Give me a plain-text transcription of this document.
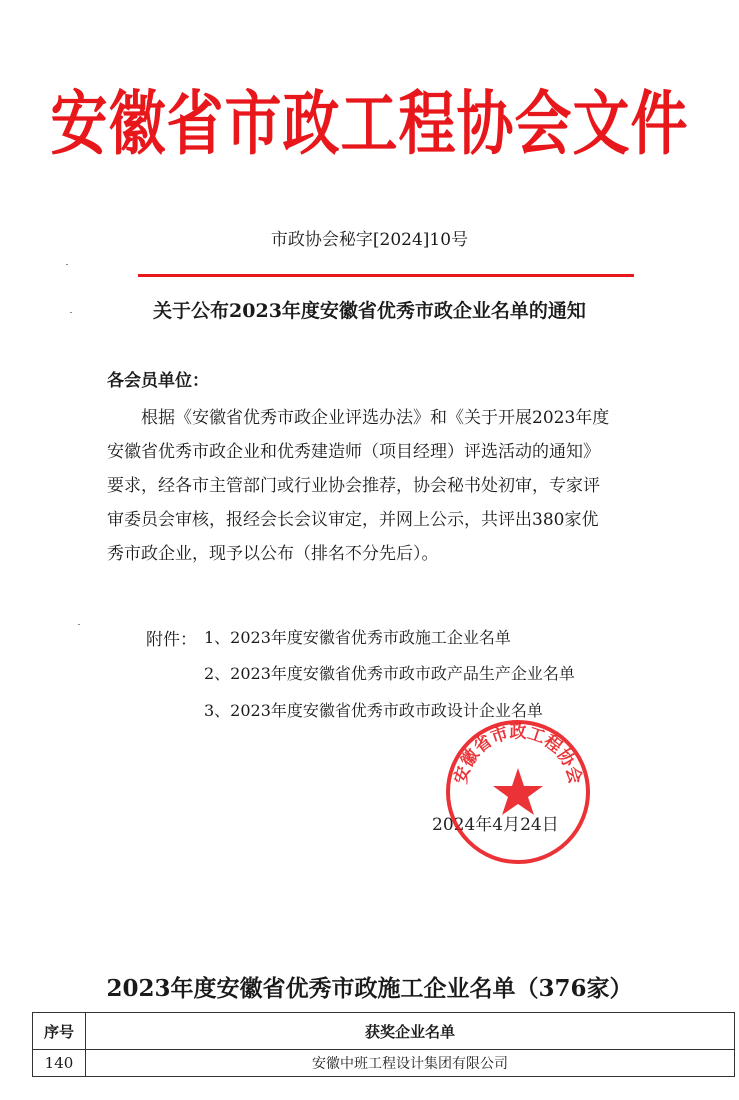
安徽省市政工程协会文件
市政协会秘字[2024]10号
关于公布2023年度安徽省优秀市政企业名单的通知
各会员单位：
　　根据《安徽省优秀市政企业评选办法》和《关于开展2023年度
安徽省优秀市政企业和优秀建造师（项目经理）评选活动的通知》
要求，经各市主管部门或行业协会推荐，协会秘书处初审，专家评
审委员会审核，报经会长会议审定，并网上公示，共评出380家优
秀市政企业，现予以公布（排名不分先后）。
附件： 1、2023年度安徽省优秀市政施工企业名单
2、2023年度安徽省优秀市政市政产品生产企业名单
3、2023年度安徽省优秀市政市政设计企业名单
2024年4月24日
安徽省市政工程协会
2023年度安徽省优秀市政施工企业名单（376家）
序号	获奖企业名单
140	安徽中班工程设计集团有限公司
